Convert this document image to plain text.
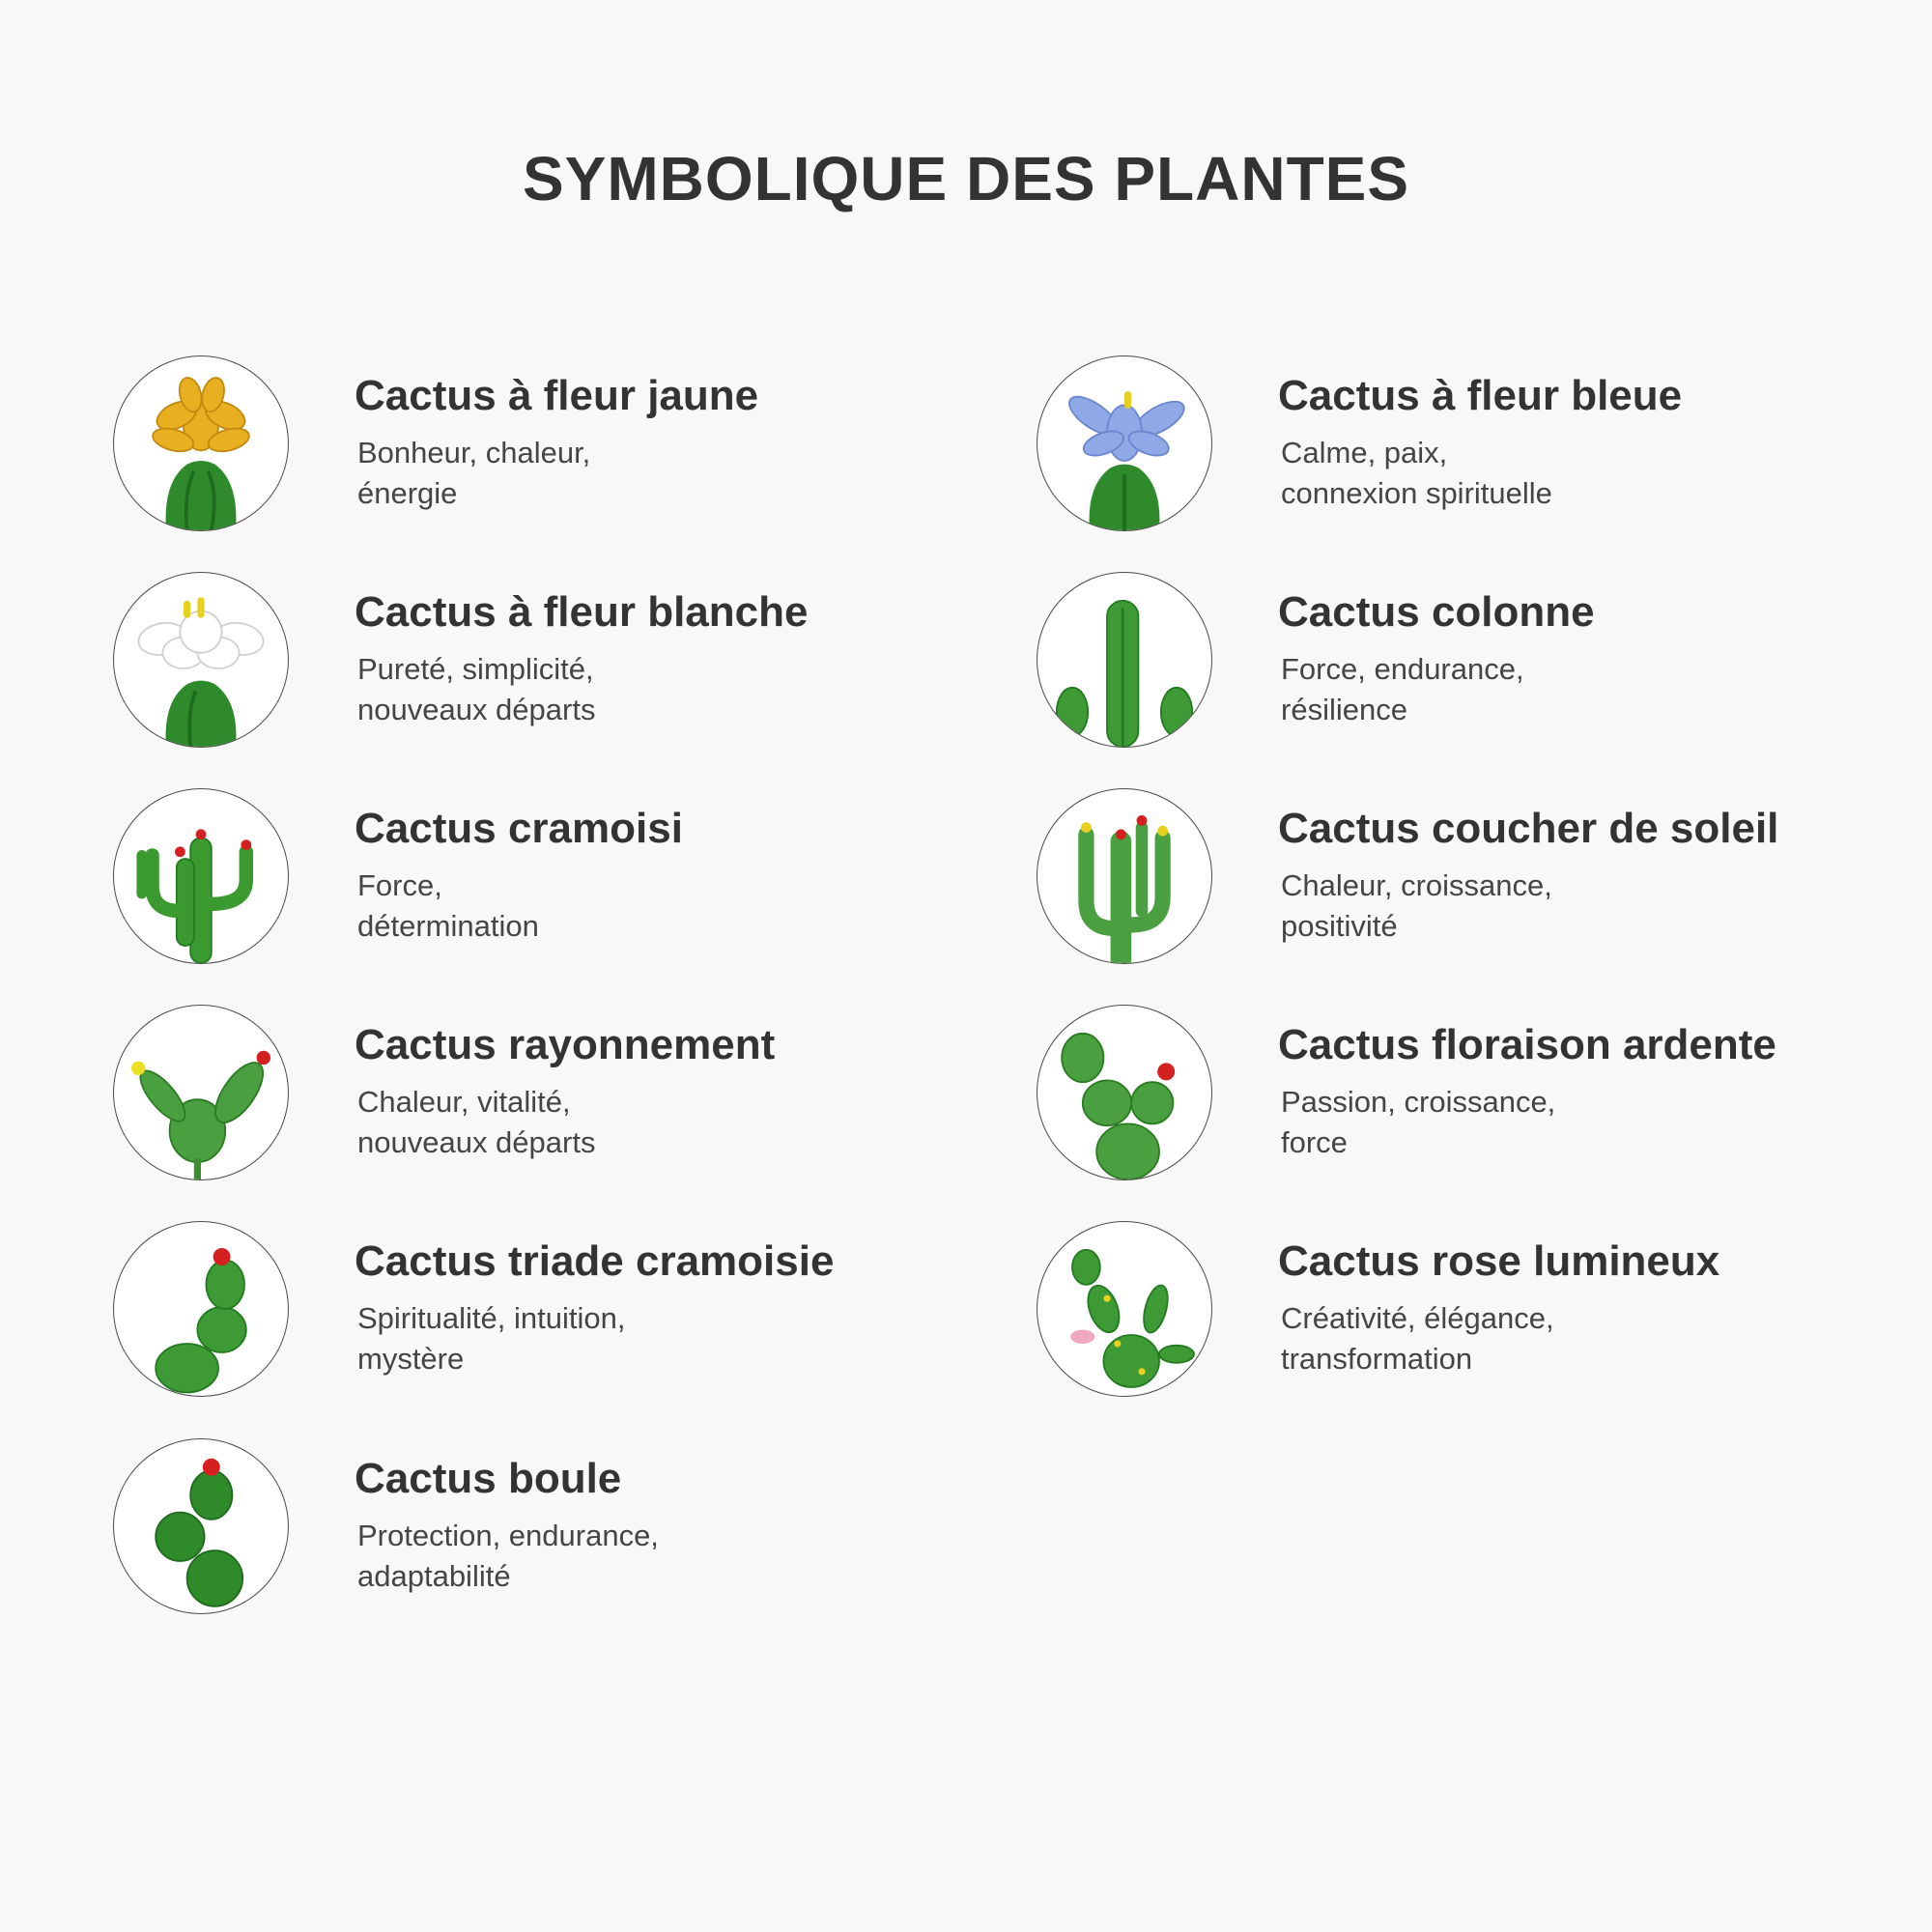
SYMBOLIQUE DES PLANTES
Cactus à fleur jaune

Bonheur, chaleur,
énergie

Cactus à fleur blanche

Pureté, simplicité,
nouveaux départs

Cactus cramoisi

Force,
détermination

Cactus rayonnement

Chaleur, vitalité,
nouveaux départs

Cactus triade cramoisie

Spiritualité, intuition,
mystère

Cactus boule

Protection, endurance,
adaptabilité

Cactus à fleur bleue

Calme, paix,
connexion spirituelle

Cactus colonne

Force, endurance,
résilience

Cactus coucher de soleil

Chaleur, croissance,
positivité

Cactus floraison ardente

Passion, croissance,
force

Cactus rose lumineux

Créativité, élégance,
transformation
